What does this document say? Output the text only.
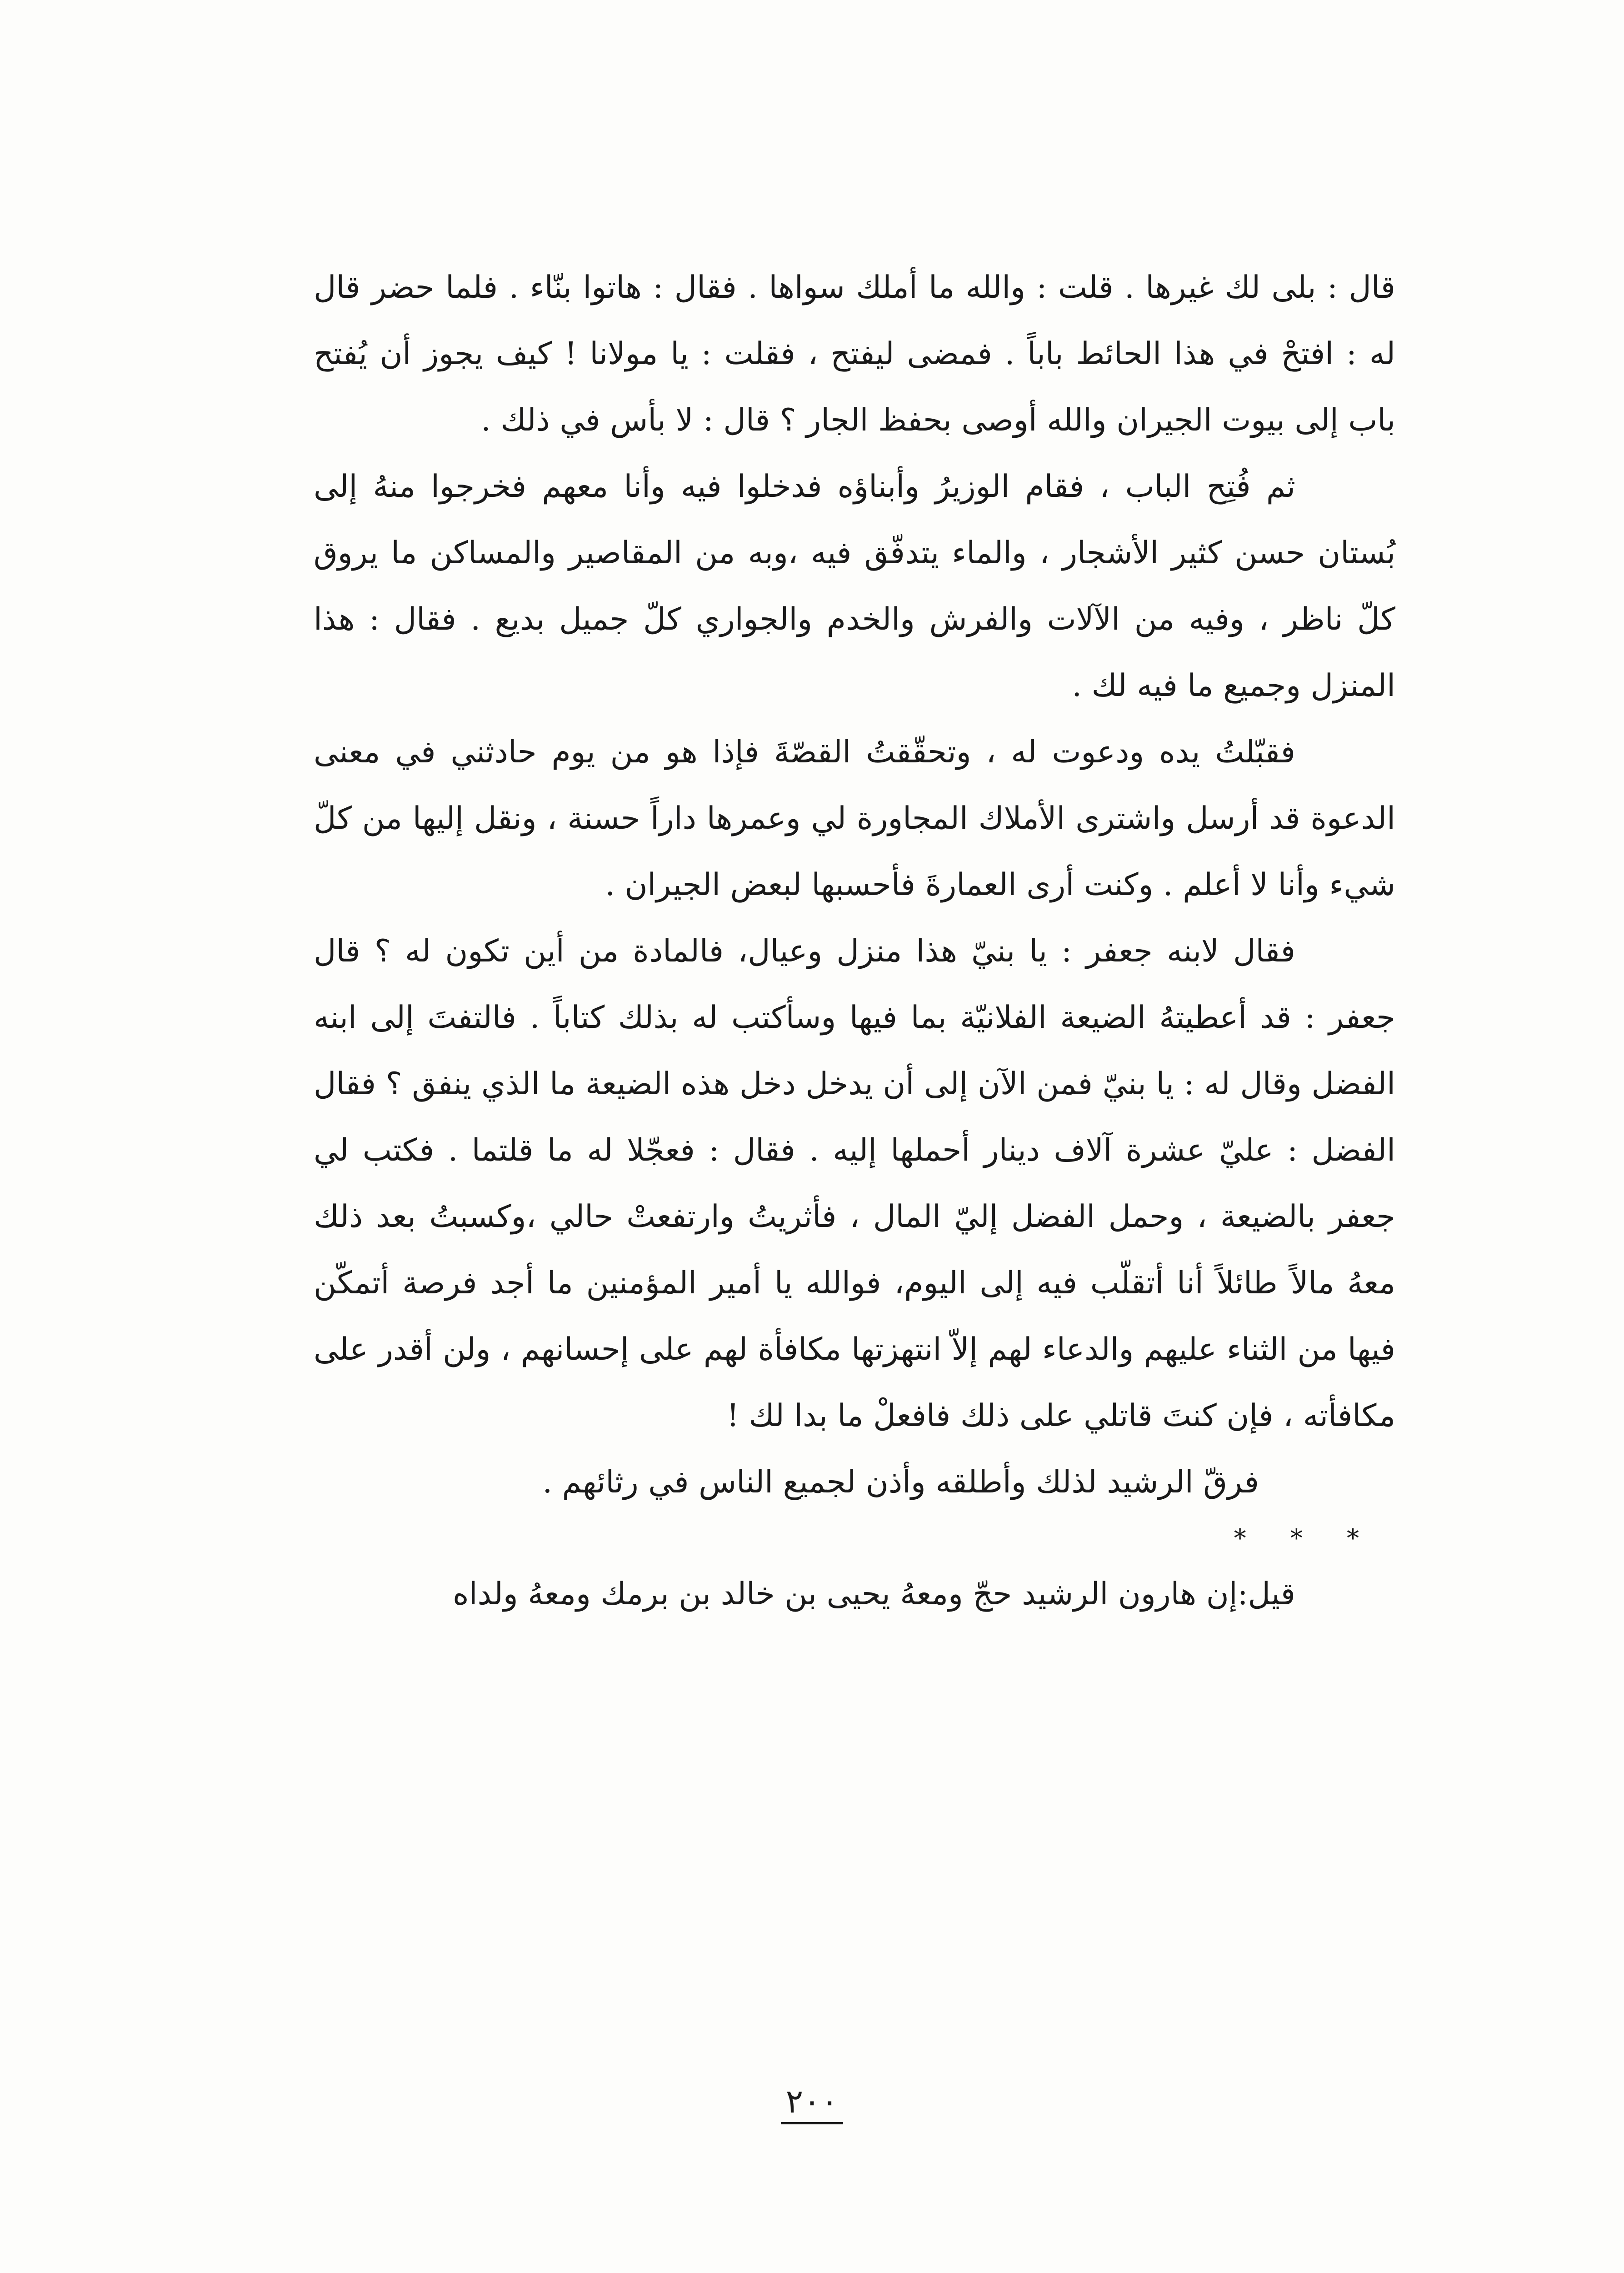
قال : بلى لك غيرها . قلت : والله ما أملك سواها . فقال : هاتوا بنّاء . فلما حضر قال له : افتحْ في هذا الحائط باباً . فمضى ليفتح ، فقلت : يا مولانا ! كيف يجوز أن يُفتح باب إلى بيوت الجيران والله أوصى بحفظ الجار ؟ قال : لا بأس في ذلك .

ثم فُتِح الباب ، فقام الوزيرُ وأبناؤه فدخلوا فيه وأنا معهم فخرجوا منهُ إلى بُستان حسن كثير الأشجار ، والماء يتدفّق فيه ،وبه من المقاصير والمساكن ما يروق كلّ ناظر ، وفيه من الآلات والفرش والخدم والجواري كلّ جميل بديع . فقال : هذا المنزل وجميع ما فيه لك .

فقبّلتُ يده ودعوت له ، وتحقّقتُ القصّةَ فإذا هو من يوم حادثني في معنى الدعوة قد أرسل واشترى الأملاك المجاورة لي وعمرها داراً حسنة ، ونقل إليها من كلّ شيء وأنا لا أعلم . وكنت أرى العمارةَ فأحسبها لبعض الجيران .

فقال لابنه جعفر : يا بنيّ هذا منزل وعيال، فالمادة من أين تكون له ؟ قال جعفر : قد أعطيتهُ الضيعة الفلانيّة بما فيها وسأكتب له بذلك كتاباً . فالتفتَ إلى ابنه الفضل وقال له : يا بنيّ فمن الآن إلى أن يدخل دخل هذه الضيعة ما الذي ينفق ؟ فقال الفضل : عليّ عشرة آلاف دينار أحملها إليه . فقال : فعجّلا له ما قلتما . فكتب لي جعفر بالضيعة ، وحمل الفضل إليّ المال ، فأثريتُ وارتفعتْ حالي ،وكسبتُ بعد ذلك معهُ مالاً طائلاً أنا أتقلّب فيه إلى اليوم، فوالله يا أمير المؤمنين ما أجد فرصة أتمكّن فيها من الثناء عليهم والدعاء لهم إلاّ انتهزتها مكافأة لهم على إحسانهم ، ولن أقدر على مكافأته ، فإن كنتَ قاتلي على ذلك فافعلْ ما بدا لك !

فرقّ الرشيد لذلك وأطلقه وأذن لجميع الناس في رثائهم .

* * *

قيل:إن هارون الرشيد حجّ ومعهُ يحيى بن خالد بن برمك ومعهُ ولداه

٢٠٠
